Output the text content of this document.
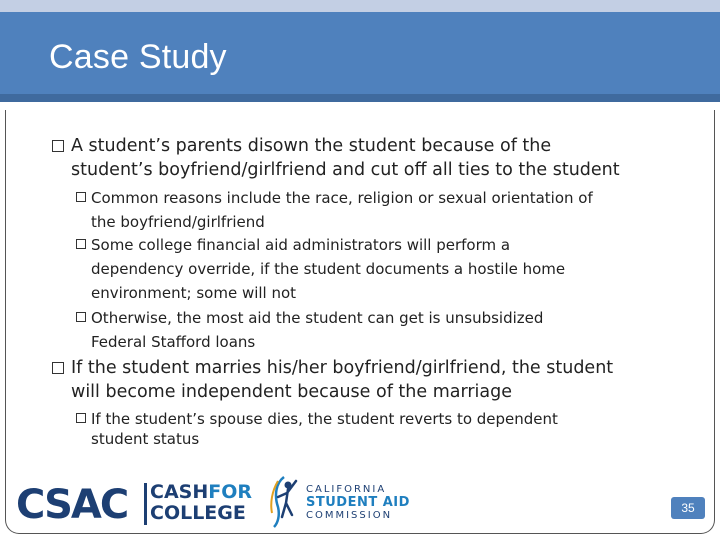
Case Study
A student’s parents disown the student because of the
student’s boyfriend/girlfriend and cut off all ties to the student
Common reasons include the race, religion or sexual orientation of
the boyfriend/girlfriend
Some college financial aid administrators will perform a
dependency override, if the student documents a hostile home
environment; some will not
Otherwise, the most aid the student can get is unsubsidized
Federal Stafford loans
If the student marries his/her boyfriend/girlfriend, the student
will become independent because of the marriage
If the student’s spouse dies, the student reverts to dependent
student status
CSAC CASHFOR
COLLEGE
CALIFORNIA
STUDENT AID
COMMISSION
35
